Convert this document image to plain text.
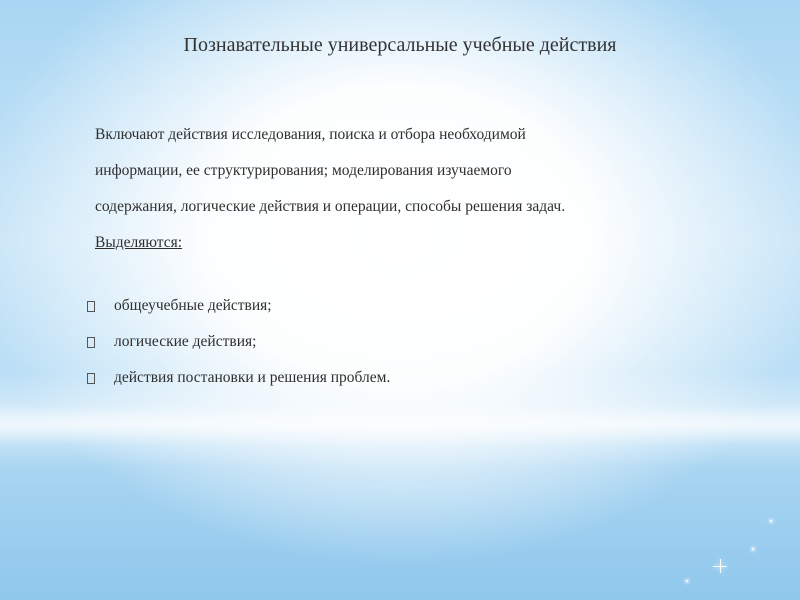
Познавательные универсальные учебные действия

Включают действия исследования, поиска и отбора необходимой

информации, ее структурирования; моделирования изучаемого

содержания, логические действия и операции, способы решения задач.

Выделяются:

общеучебные действия;
логические действия;
действия постановки и решения проблем.
